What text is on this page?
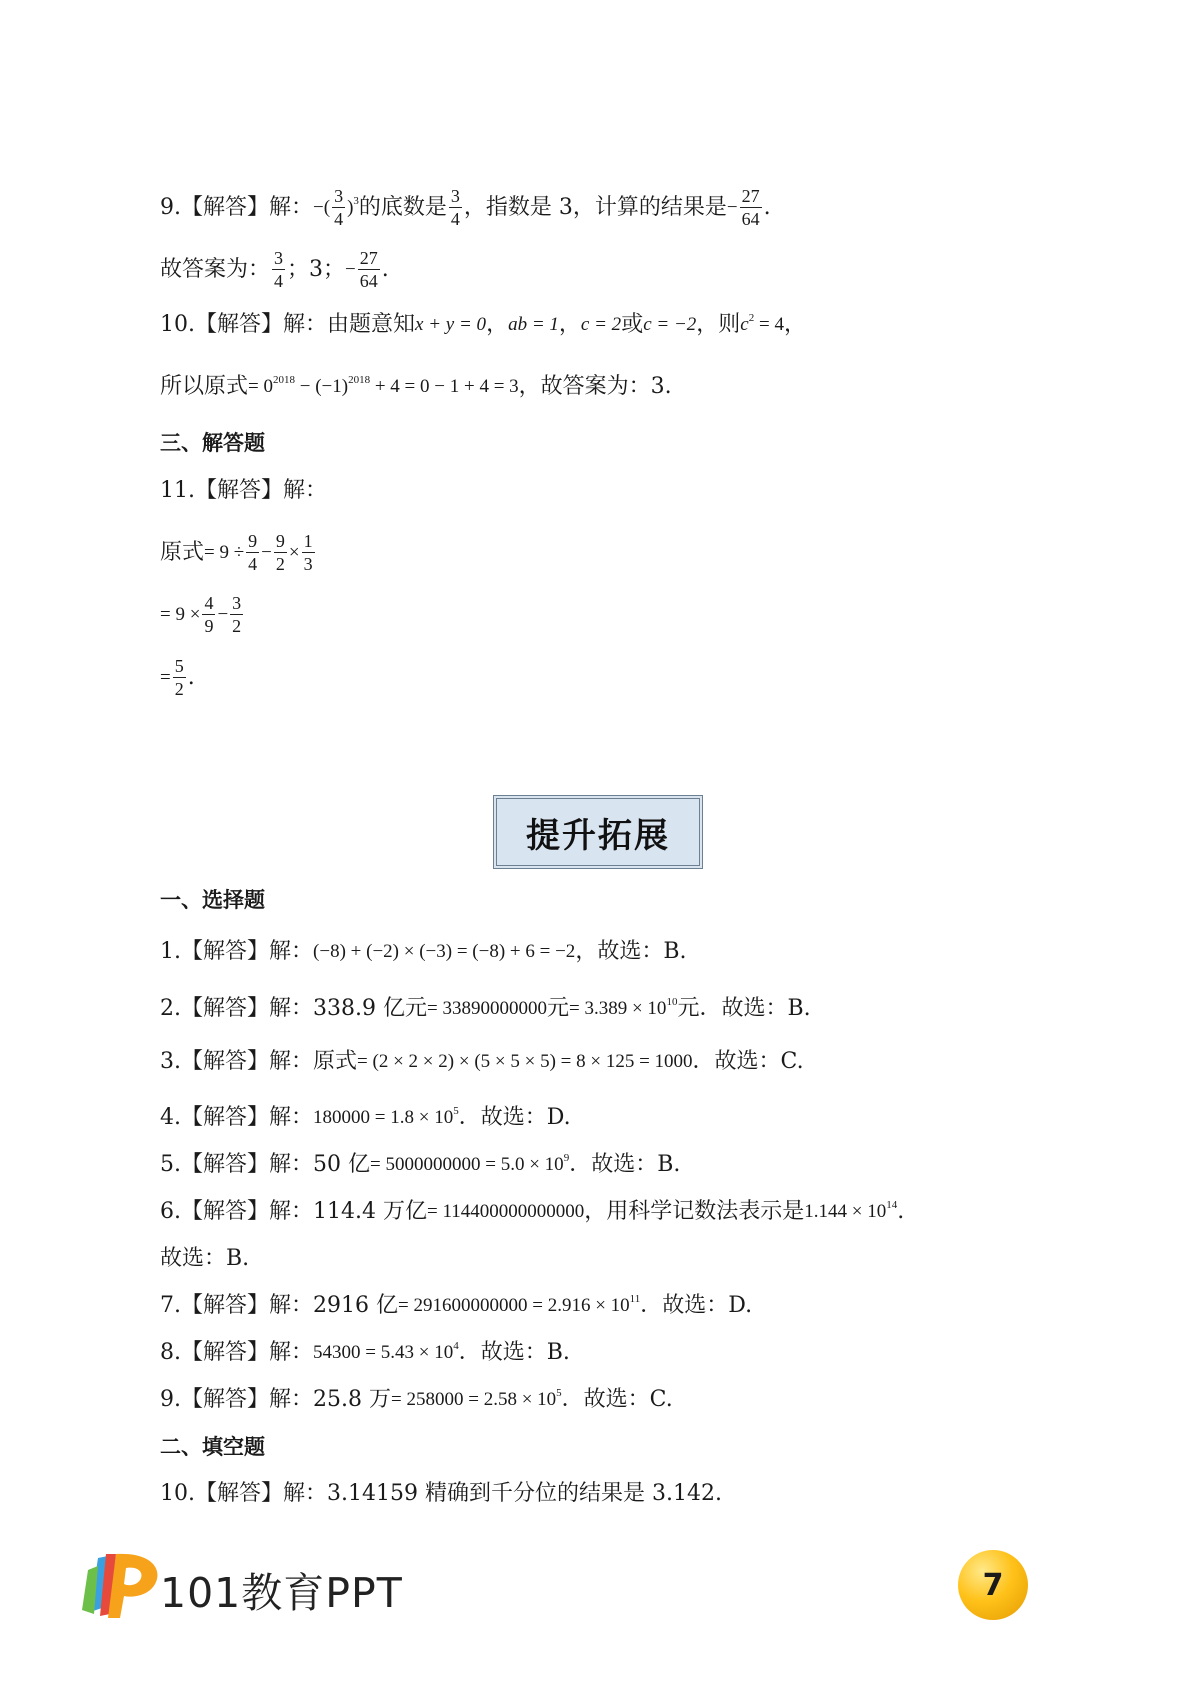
9. 【解答】 解： −( $\frac{3}{4} )^3$ 的底数是 $\frac{3}{4}$ ，指数是 3，计算的结果是 − $\frac{27}{64}$ .
故答案为： $\frac{3}{4}$ ；3； − $\frac{27}{64}$ .
10. 【解答】 解： 由题意知 x + y = 0 ， ab = 1 ， c = 2 或 c = −2 ，则 $c^2 = 4$ ，
所以原式 = $0^{2018} - (-1)^{2018} + 4 = 0 - 1 + 4 = 3$ ，故答案为：3.
三、解答题
11. 【解答】 解：
原式 = $9 \div \frac{9}{4} - \frac{9}{2} \times \frac{1}{3}$
= $9 \times \frac{4}{9} - \frac{3}{2}$
= $\frac{5}{2}$ .
提升拓展
一、选择题
1. 【解答】 解： (−8) + (−2) × (−3) = (−8) + 6 = −2 ，故选：B.
2. 【解答】 解： 338.9 亿元 = 33890000000 元 = $3.389 \times 10^{10}$ 元．故选：B.
3. 【解答】 解： 原式 = (2 × 2 × 2) × (5 × 5 × 5) = 8 × 125 = 1000 ．故选：C.
4. 【解答】 解： $180000 = 1.8 \times 10^5$ ．故选：D.
5. 【解答】 解： 50 亿 = $5000000000 = 5.0 \times 10^9$ ．故选：B.
6. 【解答】 解： 114.4 万亿 = 114400000000000 ，用科学记数法表示是 $1.144 \times 10^{14}$ .
故选：B.
7. 【解答】 解： 2916 亿 = $291600000000 = 2.916 \times 10^{11}$ ．故选：D.
8. 【解答】 解： $54300 = 5.43 \times 10^4$ ．故选：B.
9. 【解答】 解： 25.8 万 = $258000 = 2.58 \times 10^5$ ．故选：C.
二、填空题
10. 【解答】 解：3.14159 精确到千分位的结果是 3.142.
101教育PPT	7
